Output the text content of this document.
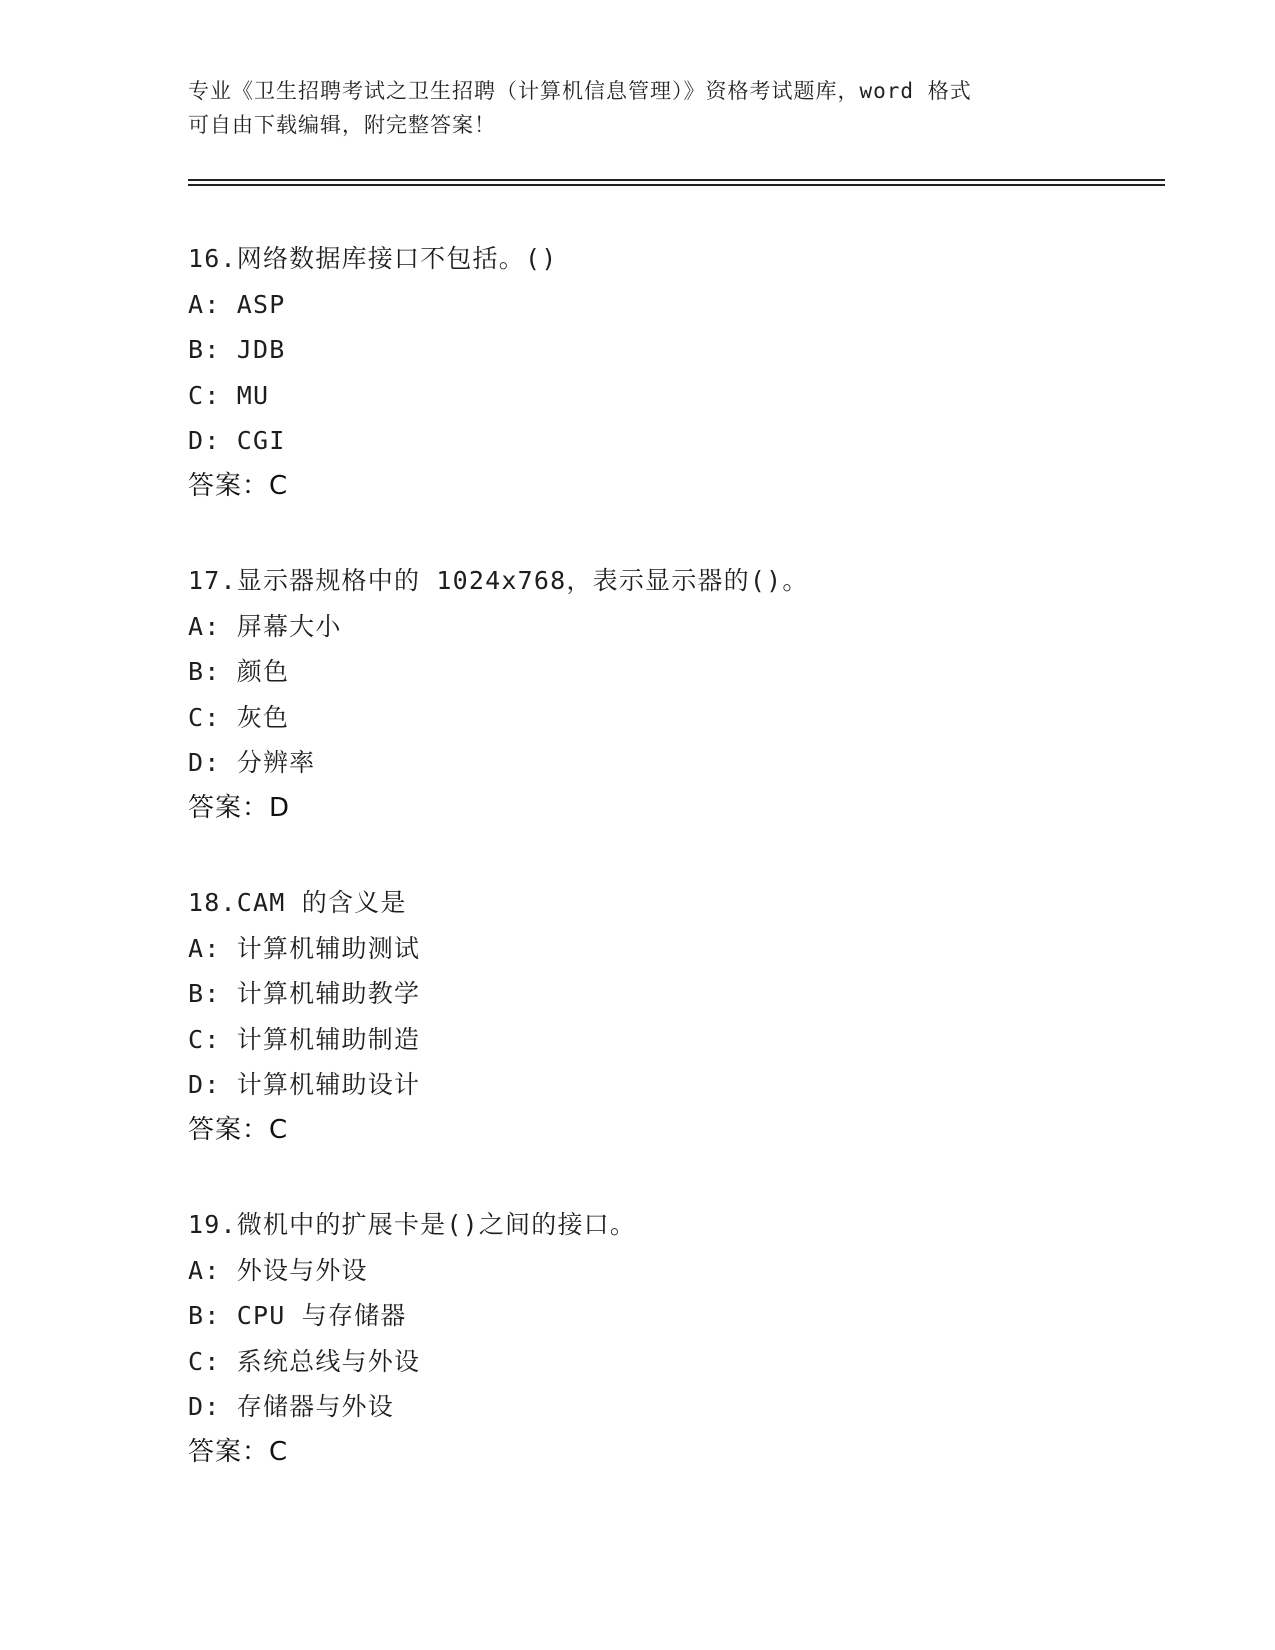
专业《卫生招聘考试之卫生招聘（计算机信息管理）》资格考试题库，word 格式
可自由下载编辑，附完整答案！
16.网络数据库接口不包括。()
A: ASP
B: JDB
C: MU
D: CGI
答案：C
17.显示器规格中的 1024x768，表示显示器的()。
A: 屏幕大小
B: 颜色
C: 灰色
D: 分辨率
答案：D
18.CAM 的含义是
A: 计算机辅助测试
B: 计算机辅助教学
C: 计算机辅助制造
D: 计算机辅助设计
答案：C
19.微机中的扩展卡是()之间的接口。
A: 外设与外设
B: CPU 与存储器
C: 系统总线与外设
D: 存储器与外设
答案：C
